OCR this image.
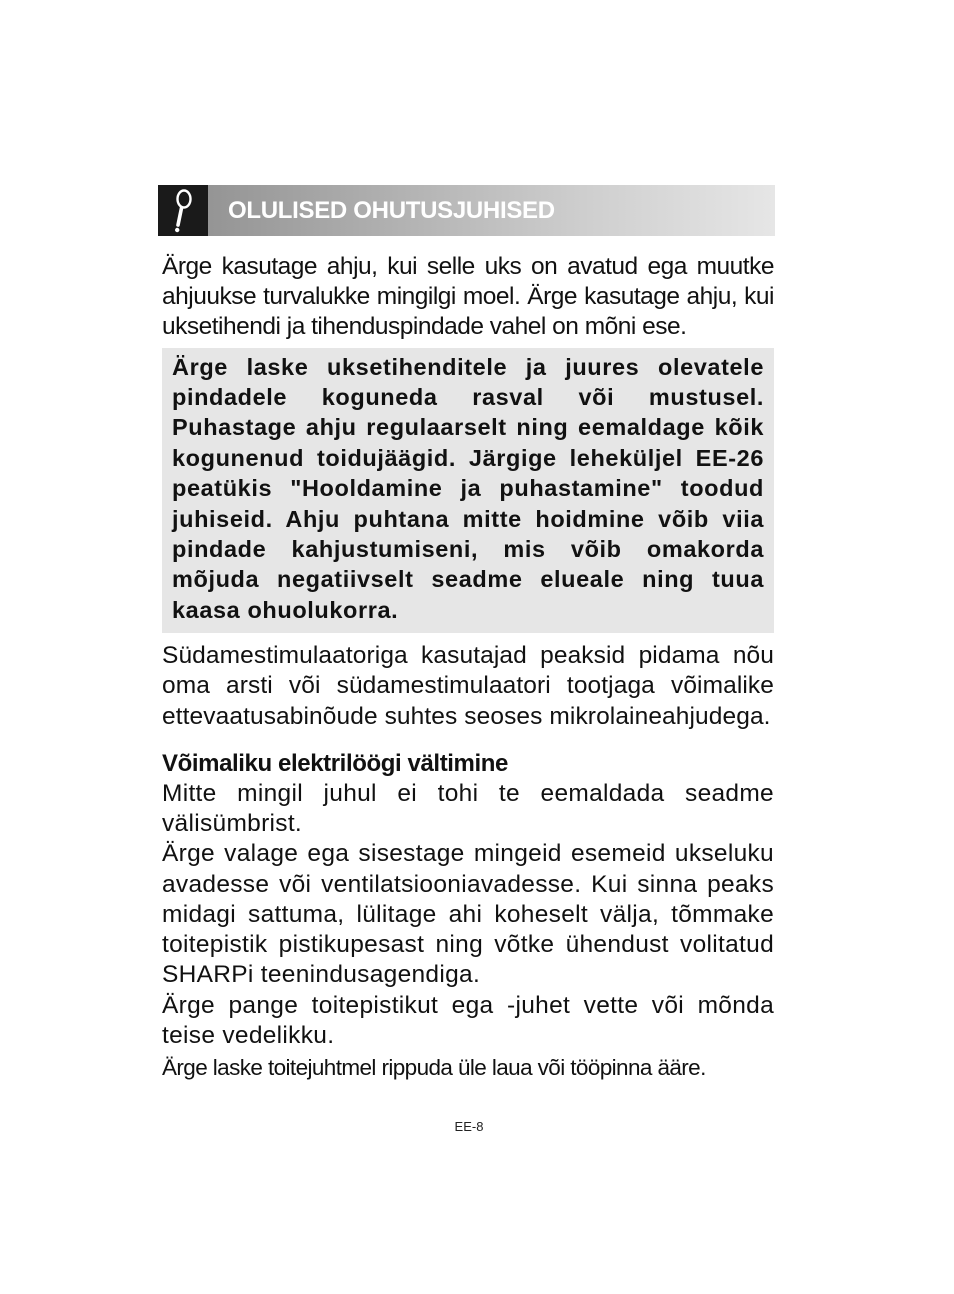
OLULISED OHUTUSJUHISED

Ärge kasutage ahju, kui selle uks on avatud ega muutke ahjuukse turvalukke mingilgi moel. Ärge kasutage ahju, kui uksetihendi ja tihenduspindade vahel on mõni ese.

Ärge laske uksetihenditele ja juures olevatele pindadele koguneda rasval või mustusel. Puhastage ahju regulaarselt ning eemaldage kõik kogunenud toidujäägid. Järgige leheküljel EE-26 peatükis "Hooldamine ja puhastamine" toodud juhiseid. Ahju puhtana mitte hoidmine võib viia pindade kahjustumiseni, mis võib omakorda mõjuda negatiivselt seadme elueale ning tuua kaasa ohuolukorra.

Südamestimulaatoriga kasutajad peaksid pidama nõu oma arsti või südamestimulaatori tootjaga võimalike ettevaatusabinõude suhtes seoses mikrolaineahjudega.

Võimaliku elektrilöögi vältimine

Mitte mingil juhul ei tohi te eemaldada seadme välisümbrist.

Ärge valage ega sisestage mingeid esemeid ukseluku avadesse või ventilatsiooniavadesse. Kui sinna peaks midagi sattuma, lülitage ahi koheselt välja, tõmmake toitepistik pistikupesast ning võtke ühendust volitatud SHARPi teenindusagendiga.

Ärge pange toitepistikut ega -juhet vette või mõnda teise vedelikku.

Ärge laske toitejuhtmel rippuda üle laua või tööpinna ääre.

EE-8
